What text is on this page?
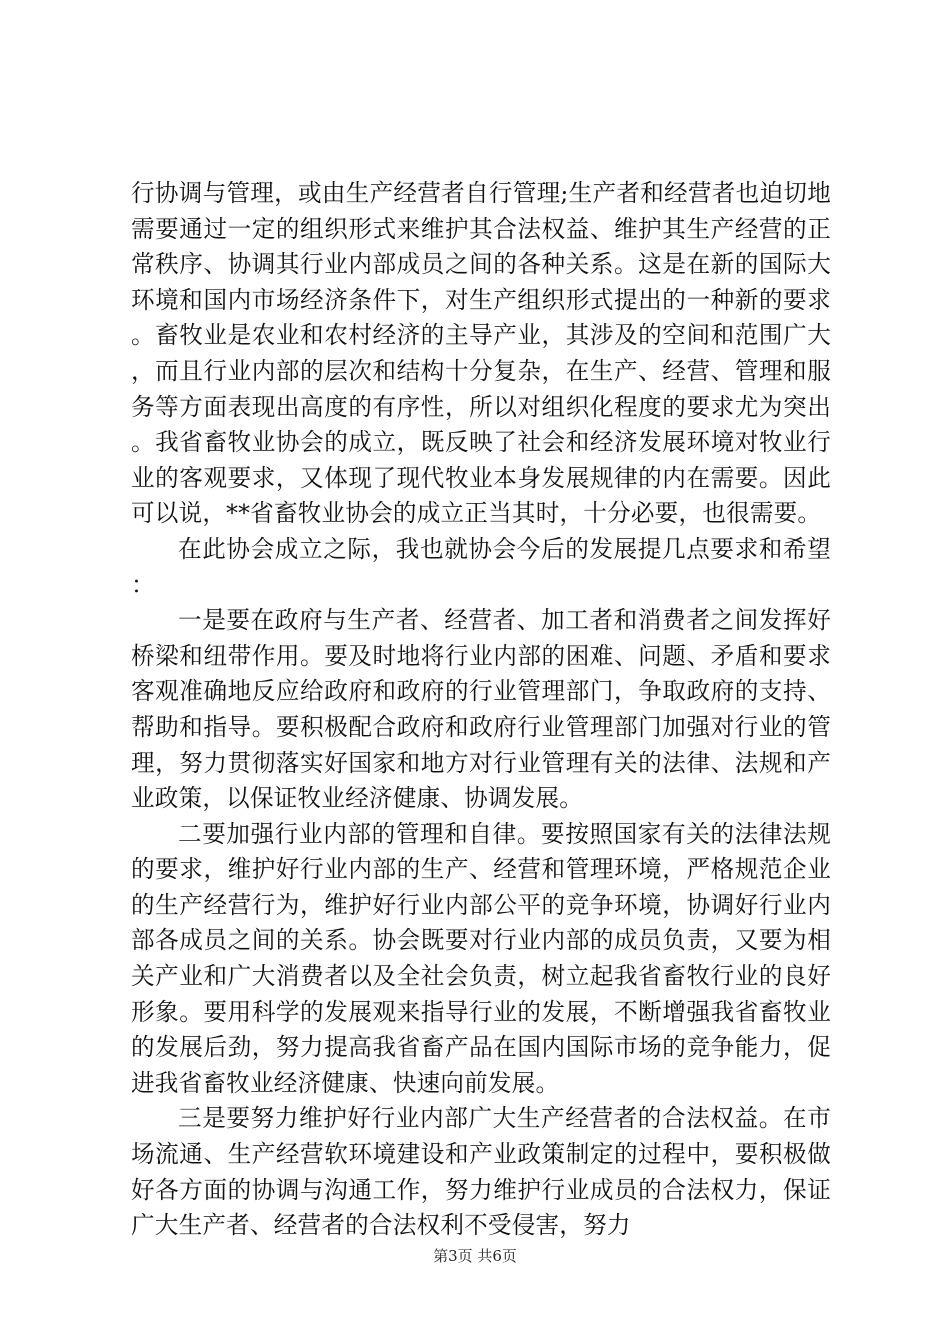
行协调与管理，或由生产经营者自行管理;生产者和经营者也迫切地需要通过一定的组织形式来维护其合法权益、维护其生产经营的正常秩序、协调其行业内部成员之间的各种关系。这是在新的国际大环境和国内市场经济条件下，对生产组织形式提出的一种新的要求。畜牧业是农业和农村经济的主导产业，其涉及的空间和范围广大，而且行业内部的层次和结构十分复杂，在生产、经营、管理和服务等方面表现出高度的有序性，所以对组织化程度的要求尤为突出。我省畜牧业协会的成立，既反映了社会和经济发展环境对牧业行业的客观要求，又体现了现代牧业本身发展规律的内在需要。因此可以说，**省畜牧业协会的成立正当其时，十分必要，也很需要。

在此协会成立之际，我也就协会今后的发展提几点要求和希望：

一是要在政府与生产者、经营者、加工者和消费者之间发挥好桥梁和纽带作用。要及时地将行业内部的困难、问题、矛盾和要求客观准确地反应给政府和政府的行业管理部门，争取政府的支持、帮助和指导。要积极配合政府和政府行业管理部门加强对行业的管理，努力贯彻落实好国家和地方对行业管理有关的法律、法规和产业政策，以保证牧业经济健康、协调发展。

二要加强行业内部的管理和自律。要按照国家有关的法律法规的要求，维护好行业内部的生产、经营和管理环境，严格规范企业的生产经营行为，维护好行业内部公平的竞争环境，协调好行业内部各成员之间的关系。协会既要对行业内部的成员负责，又要为相关产业和广大消费者以及全社会负责，树立起我省畜牧行业的良好形象。要用科学的发展观来指导行业的发展，不断增强我省畜牧业的发展后劲，努力提高我省畜产品在国内国际市场的竞争能力，促进我省畜牧业经济健康、快速向前发展。

三是要努力维护好行业内部广大生产经营者的合法权益。在市场流通、生产经营软环境建设和产业政策制定的过程中，要积极做好各方面的协调与沟通工作，努力维护行业成员的合法权力，保证广大生产者、经营者的合法权利不受侵害，努力

第3页 共6页
